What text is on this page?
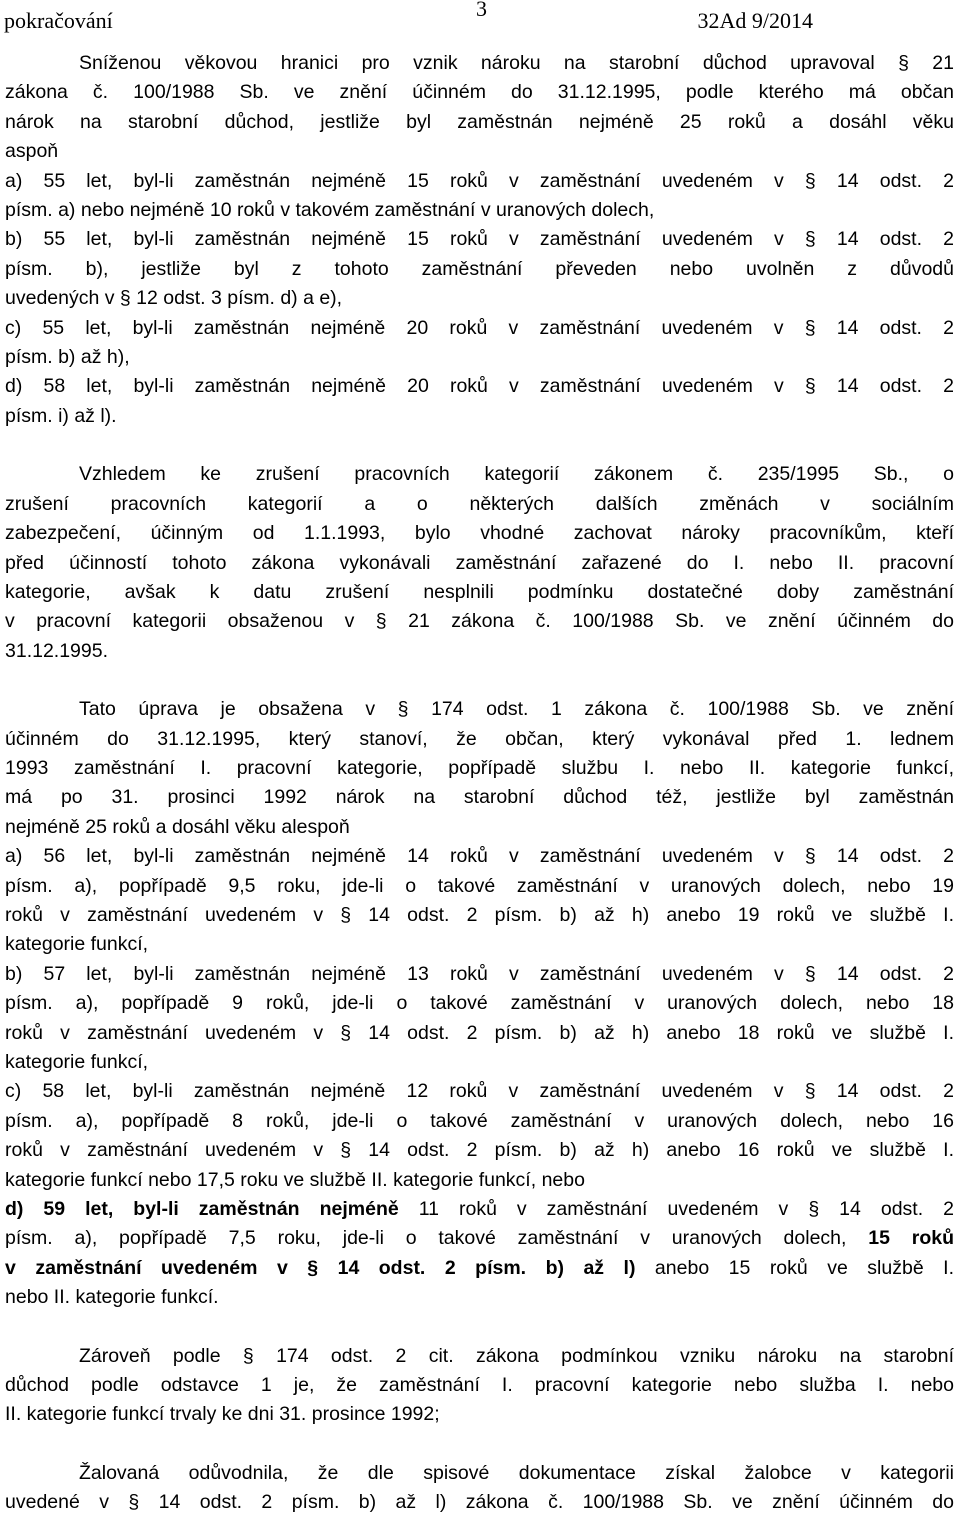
pokračování	3	32Ad 9/2014
Sníženou věkovou hranici pro vznik nároku na starobní důchod upravoval § 21
zákona č. 100/1988 Sb. ve znění účinném do 31.12.1995, podle kterého má občan
nárok na starobní důchod, jestliže byl zaměstnán nejméně 25 roků a dosáhl věku
aspoň
a) 55 let, byl-li zaměstnán nejméně 15 roků v zaměstnání uvedeném v § 14 odst. 2
písm. a) nebo nejméně 10 roků v takovém zaměstnání v uranových dolech,
b) 55 let, byl-li zaměstnán nejméně 15 roků v zaměstnání uvedeném v § 14 odst. 2
písm. b), jestliže byl z tohoto zaměstnání převeden nebo uvolněn z důvodů
uvedených v § 12 odst. 3 písm. d) a e),
c) 55 let, byl-li zaměstnán nejméně 20 roků v zaměstnání uvedeném v § 14 odst. 2
písm. b) až h),
d) 58 let, byl-li zaměstnán nejméně 20 roků v zaměstnání uvedeném v § 14 odst. 2
písm. i) až l).
Vzhledem ke zrušení pracovních kategorií zákonem č. 235/1995 Sb., o
zrušení pracovních kategorií a o některých dalších změnách v sociálním
zabezpečení, účinným od 1.1.1993, bylo vhodné zachovat nároky pracovníkům, kteří
před účinností tohoto zákona vykonávali zaměstnání zařazené do I. nebo II. pracovní
kategorie, avšak k datu zrušení nesplnili podmínku dostatečné doby zaměstnání
v pracovní kategorii obsaženou v § 21 zákona č. 100/1988 Sb. ve znění účinném do
31.12.1995.
Tato úprava je obsažena v § 174 odst. 1 zákona č. 100/1988 Sb. ve znění
účinném do 31.12.1995, který stanoví, že občan, který vykonával před 1. lednem
1993 zaměstnání I. pracovní kategorie, popřípadě službu I. nebo II. kategorie funkcí,
má po 31. prosinci 1992 nárok na starobní důchod též, jestliže byl zaměstnán
nejméně 25 roků a dosáhl věku alespoň
a) 56 let, byl-li zaměstnán nejméně 14 roků v zaměstnání uvedeném v § 14 odst. 2
písm. a), popřípadě 9,5 roku, jde-li o takové zaměstnání v uranových dolech, nebo 19
roků v zaměstnání uvedeném v § 14 odst. 2 písm. b) až h) anebo 19 roků ve službě I.
kategorie funkcí,
b) 57 let, byl-li zaměstnán nejméně 13 roků v zaměstnání uvedeném v § 14 odst. 2
písm. a), popřípadě 9 roků, jde-li o takové zaměstnání v uranových dolech, nebo 18
roků v zaměstnání uvedeném v § 14 odst. 2 písm. b) až h) anebo 18 roků ve službě I.
kategorie funkcí,
c) 58 let, byl-li zaměstnán nejméně 12 roků v zaměstnání uvedeném v § 14 odst. 2
písm. a), popřípadě 8 roků, jde-li o takové zaměstnání v uranových dolech, nebo 16
roků v zaměstnání uvedeném v § 14 odst. 2 písm. b) až h) anebo 16 roků ve službě I.
kategorie funkcí nebo 17,5 roku ve službě II. kategorie funkcí, nebo
d) 59 let, byl-li zaměstnán nejméně 11 roků v zaměstnání uvedeném v § 14 odst. 2
písm. a), popřípadě 7,5 roku, jde-li o takové zaměstnání v uranových dolech, 15 roků
v zaměstnání uvedeném v § 14 odst. 2 písm. b) až l) anebo 15 roků ve službě I.
nebo II. kategorie funkcí.
Zároveň podle § 174 odst. 2 cit. zákona podmínkou vzniku nároku na starobní
důchod podle odstavce 1 je, že zaměstnání I. pracovní kategorie nebo služba I. nebo
II. kategorie funkcí trvaly ke dni 31. prosince 1992;
Žalovaná odůvodnila, že dle spisové dokumentace získal žalobce v kategorii
uvedené v § 14 odst. 2 písm. b) až l) zákona č. 100/1988 Sb. ve znění účinném do
